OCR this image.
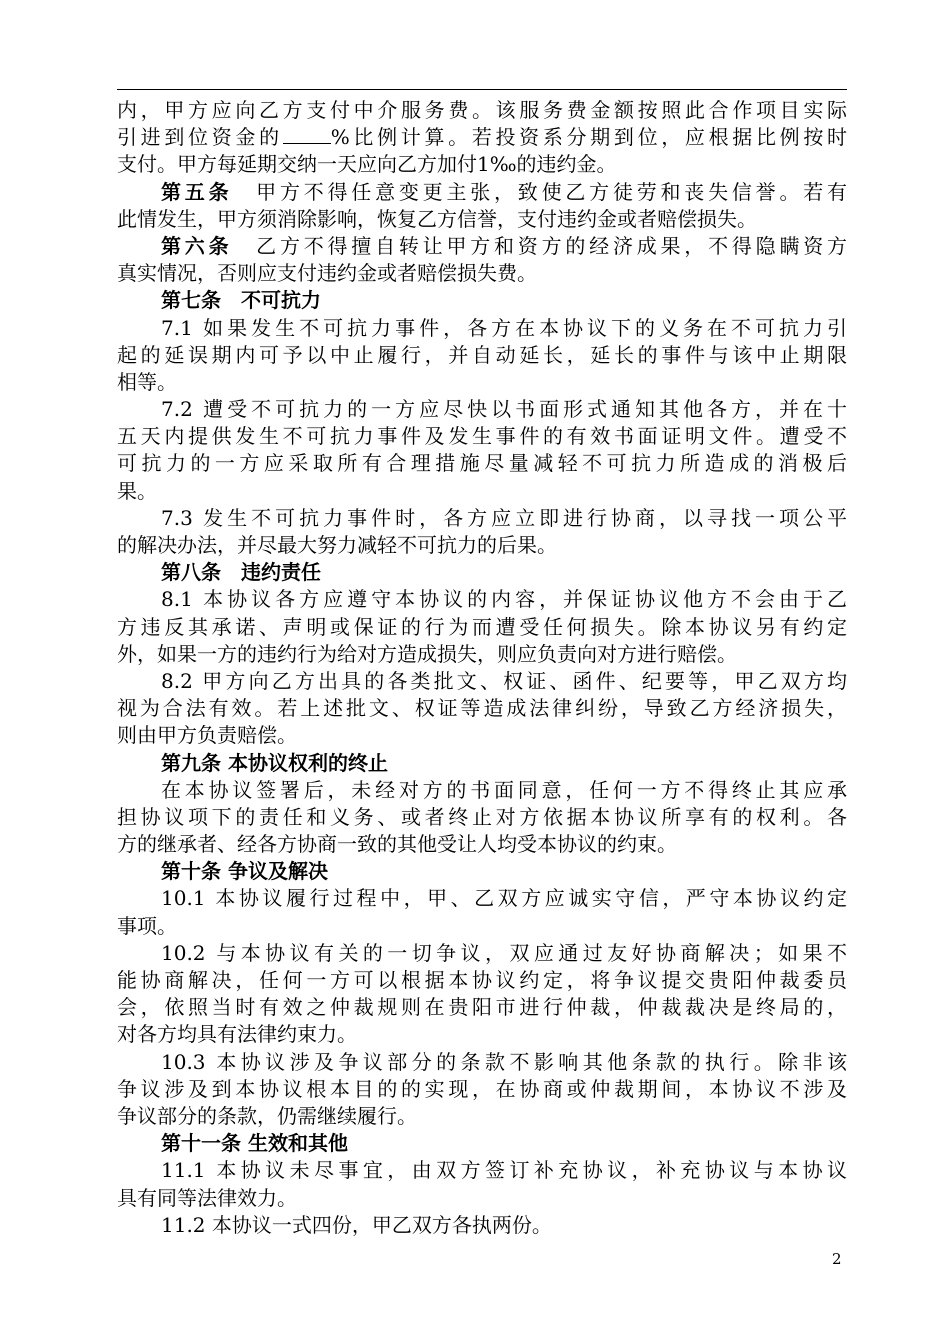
内，甲方应向乙方支付中介服务费。该服务费金额按照此合作项目实际
引进到位资金的 %比例计算。若投资系分期到位，应根据比例按时
支付。甲方每延期交纳一天应向乙方加付1‰的违约金。
第五条　 甲方不得任意变更主张，致使乙方徒劳和丧失信誉。若有
此情发生，甲方须消除影响，恢复乙方信誉，支付违约金或者赔偿损失。
第六条　 乙方不得擅自转让甲方和资方的经济成果，不得隐瞒资方
真实情况，否则应支付违约金或者赔偿损失费。
第七条　不可抗力
7.1 如果发生不可抗力事件，各方在本协议下的义务在不可抗力引
起的延误期内可予以中止履行，并自动延长，延长的事件与该中止期限
相等。
7.2 遭受不可抗力的一方应尽快以书面形式通知其他各方，并在十
五天内提供发生不可抗力事件及发生事件的有效书面证明文件。遭受不
可抗力的一方应采取所有合理措施尽量减轻不可抗力所造成的消极后
果。
7.3 发生不可抗力事件时，各方应立即进行协商，以寻找一项公平
的解决办法，并尽最大努力减轻不可抗力的后果。
第八条　违约责任
8.1 本协议各方应遵守本协议的内容，并保证协议他方不会由于乙
方违反其承诺、声明或保证的行为而遭受任何损失。除本协议另有约定
外，如果一方的违约行为给对方造成损失，则应负责向对方进行赔偿。
8.2 甲方向乙方出具的各类批文、权证、函件、纪要等，甲乙双方均
视为合法有效。若上述批文、权证等造成法律纠纷，导致乙方经济损失，
则由甲方负责赔偿。
第九条 本协议权利的终止
在本协议签署后，未经对方的书面同意，任何一方不得终止其应承
担协议项下的责任和义务、或者终止对方依据本协议所享有的权利。各
方的继承者、经各方协商一致的其他受让人均受本协议的约束。
第十条 争议及解决
10.1 本协议履行过程中，甲、乙双方应诚实守信，严守本协议约定
事项。
10.2 与本协议有关的一切争议，双应通过友好协商解决；如果不
能协商解决，任何一方可以根据本协议约定，将争议提交贵阳仲裁委员
会，依照当时有效之仲裁规则在贵阳市进行仲裁，仲裁裁决是终局的，
对各方均具有法律约束力。
10.3 本协议涉及争议部分的条款不影响其他条款的执行。除非该
争议涉及到本协议根本目的的实现，在协商或仲裁期间，本协议不涉及
争议部分的条款，仍需继续履行。
第十一条 生效和其他
11.1 本协议未尽事宜，由双方签订补充协议，补充协议与本协议
具有同等法律效力。
11.2 本协议一式四份，甲乙双方各执两份。
2
